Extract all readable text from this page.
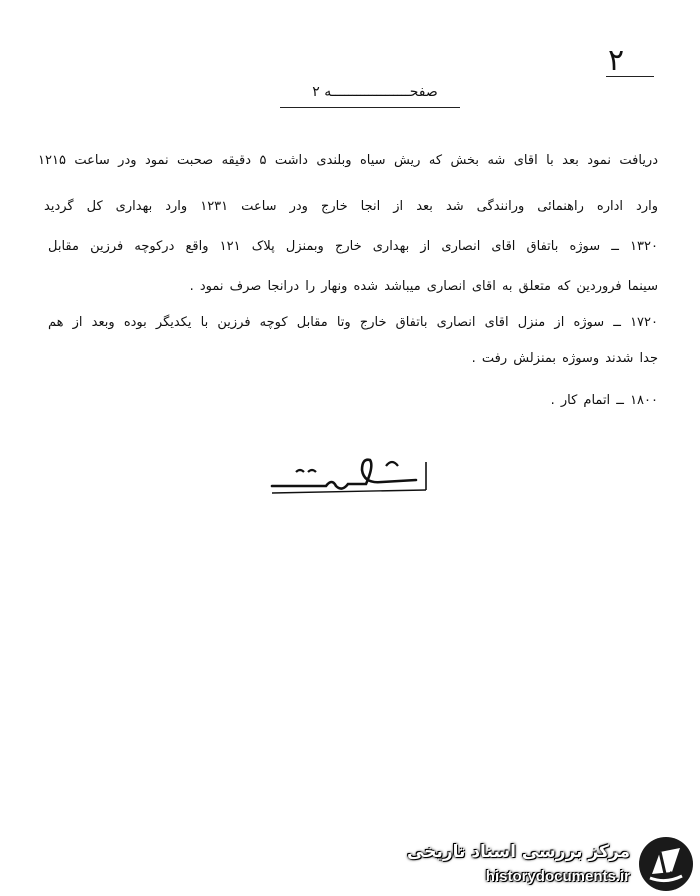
۲
صفحـــــــــــــــــــه ۲
دریافت نمود بعد با اقای شه بخش که ریش سیاه وبلندی داشت ۵ دقیقه صحبت نمود ودر ساعت ۱۲۱۵
وارد اداره راهنمائی ورانندگی شد بعد از انجا خارج ودر ساعت ۱۲۳۱ وارد بهداری کل گردید
۱۳۲۰ ــ سوژه باتفاق اقای انصاری از بهداری خارج وبمنزل پلاک ۱۲۱ واقع درکوچه فرزین مقابل
سینما فروردین که متعلق به اقای انصاری میباشد شده ونهار را درانجا صرف نمود .
۱۷۲۰ ــ سوژه از منزل اقای انصاری باتفاق خارج وتا مقابل کوچه فرزین با یکدیگر بوده وبعد از هم
جدا شدند وسوژه بمنزلش رفت .
۱۸۰۰ ــ اتمام کار .
مرکز بررسی اسناد تاریخی
historydocuments.ir
